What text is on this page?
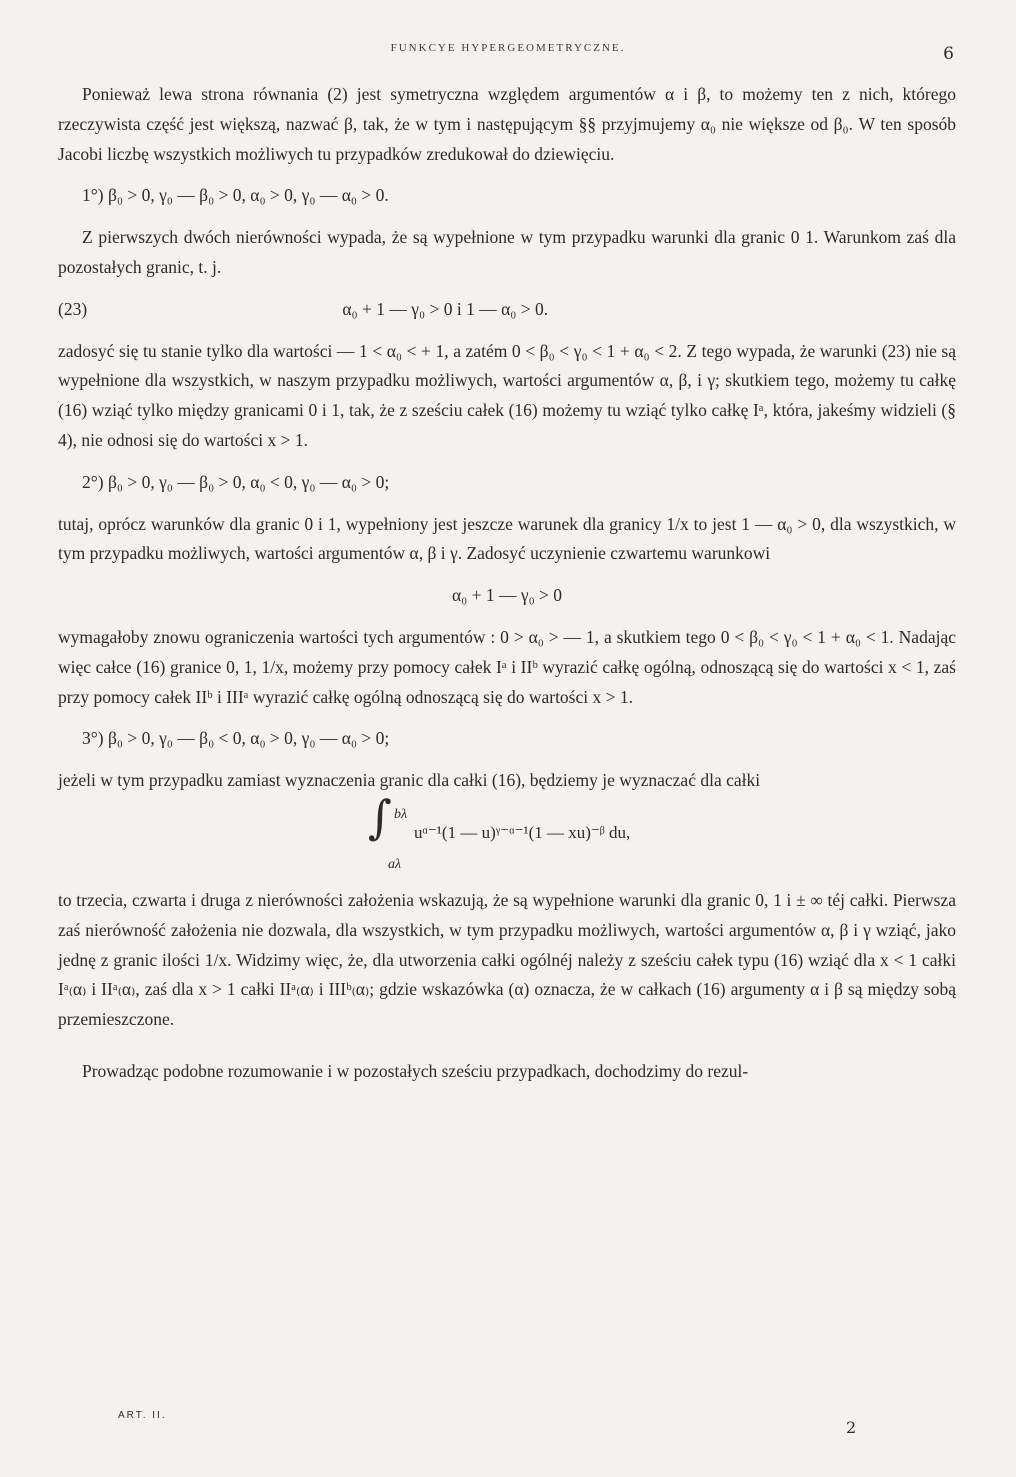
FUNKCYE HYPERGEOMETRYCZNE.	6

Ponieważ lewa strona równania (2) jest symetryczna względem argumentów α i β, to możemy ten z nich, którego rzeczywista część jest większą, nazwać β, tak, że w tym i następującym §§ przyjmujemy α₀ nie większe od β₀. W ten sposób Jacobi liczbę wszystkich możliwych tu przypadków zredukował do dziewięciu.

1°) β₀ > 0, γ₀ — β₀ > 0, α₀ > 0, γ₀ — α₀ > 0.

Z pierwszych dwóch nierówności wypada, że są wypełnione w tym przypadku warunki dla granic 0 1. Warunkom zaś dla pozostałych granic, t. j.

(23)	α₀ + 1 — γ₀ > 0 i 1 — α₀ > 0.

zadosyć się tu stanie tylko dla wartości — 1 < α₀ < + 1, a zatém 0 < β₀ < γ₀ < 1 + α₀ < 2. Z tego wypada, że warunki (23) nie są wypełnione dla wszystkich, w naszym przypadku możliwych, wartości argumentów α, β, i γ; skutkiem tego, możemy tu całkę (16) wziąć tylko między granicami 0 i 1, tak, że z sześciu całek (16) możemy tu wziąć tylko całkę Iᵃ, która, jakeśmy widzieli (§ 4), nie odnosi się do wartości x > 1.

2°) β₀ > 0, γ₀ — β₀ > 0, α₀ < 0, γ₀ — α₀ > 0;

tutaj, oprócz warunków dla granic 0 i 1, wypełniony jest jeszcze warunek dla granicy 1/x to jest 1 — α₀ > 0, dla wszystkich, w tym przypadku możliwych, wartości argumentów α, β i γ. Zadosyć uczynienie czwartemu warunkowi

α₀ + 1 — γ₀ > 0

wymagałoby znowu ograniczenia wartości tych argumentów : 0 > α₀ > — 1, a skutkiem tego 0 < β₀ < γ₀ < 1 + α₀ < 1. Nadając więc całce (16) granice 0, 1, 1/x, możemy przy pomocy całek Iᵃ i IIᵇ wyrazić całkę ogólną, odnoszącą się do wartości x < 1, zaś przy pomocy całek IIᵇ i IIIᵃ wyrazić całkę ogólną odnoszącą się do wartości x > 1.

3°) β₀ > 0, γ₀ — β₀ < 0, α₀ > 0, γ₀ — α₀ > 0;

jeżeli w tym przypadku zamiast wyznaczenia granic dla całki (16), będziemy je wyznaczać dla całki

∫ bλ
aλ
uᵅ⁻¹(1 — u)ᵞ⁻ᵅ⁻¹(1 — xu)⁻ᵝ du,

to trzecia, czwarta i druga z nierówności założenia wskazują, że są wypełnione warunki dla granic 0, 1 i ± ∞ téj całki. Pierwsza zaś nierówność założenia nie dozwala, dla wszystkich, w tym przypadku możliwych, wartości argumentów α, β i γ wziąć, jako jednę z granic ilości 1/x. Widzimy więc, że, dla utworzenia całki ogólnéj należy z sześciu całek typu (16) wziąć dla x < 1 całki Iᵃ₍α₎ i IIᵃ₍α₎, zaś dla x > 1 całki IIᵃ₍α₎ i IIIᵇ₍α₎; gdzie wskazówka (α) oznacza, że w całkach (16) argumenty α i β są między sobą przemieszczone.

Prowadząc podobne rozumowanie i w pozostałych sześciu przypadkach, dochodzimy do rezul-

ART. II.
2
